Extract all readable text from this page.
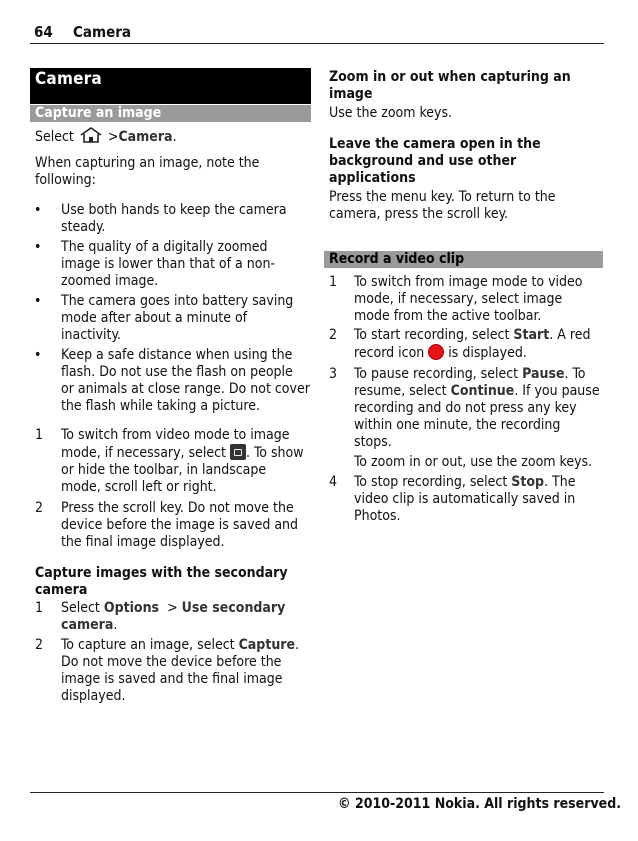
64 Camera
Camera
Capture an image
Select >Camera.
When capturing an image, note the following:
• Use both hands to keep the camera
steady.
• The quality of a digitally zoomed
image is lower than that of a non-
zoomed image.
• The camera goes into battery saving
mode after about a minute of
inactivity.
• Keep a safe distance when using the
flash. Do not use the flash on people
or animals at close range. Do not cover
the flash while taking a picture.
1 To switch from video mode to image
mode, if necessary, select . To show
or hide the toolbar, in landscape
mode, scroll left or right.
2 Press the scroll key. Do not move the
device before the image is saved and
the final image displayed.
Capture images with the secondary
camera
1 Select Options > Use secondary
camera.
2 To capture an image, select Capture.
Do not move the device before the
image is saved and the final image
displayed.
Zoom in or out when capturing an
image
Use the zoom keys.
Leave the camera open in the
background and use other
applications
Press the menu key. To return to the
camera, press the scroll key.
Record a video clip
1 To switch from image mode to video
mode, if necessary, select image
mode from the active toolbar.
2 To start recording, select Start. A red
record icon is displayed.
3 To pause recording, select Pause. To
resume, select Continue. If you pause
recording and do not press any key
within one minute, the recording
stops.
To zoom in or out, use the zoom keys.
4 To stop recording, select Stop. The
video clip is automatically saved in
Photos.
© 2010-2011 Nokia. All rights reserved.
